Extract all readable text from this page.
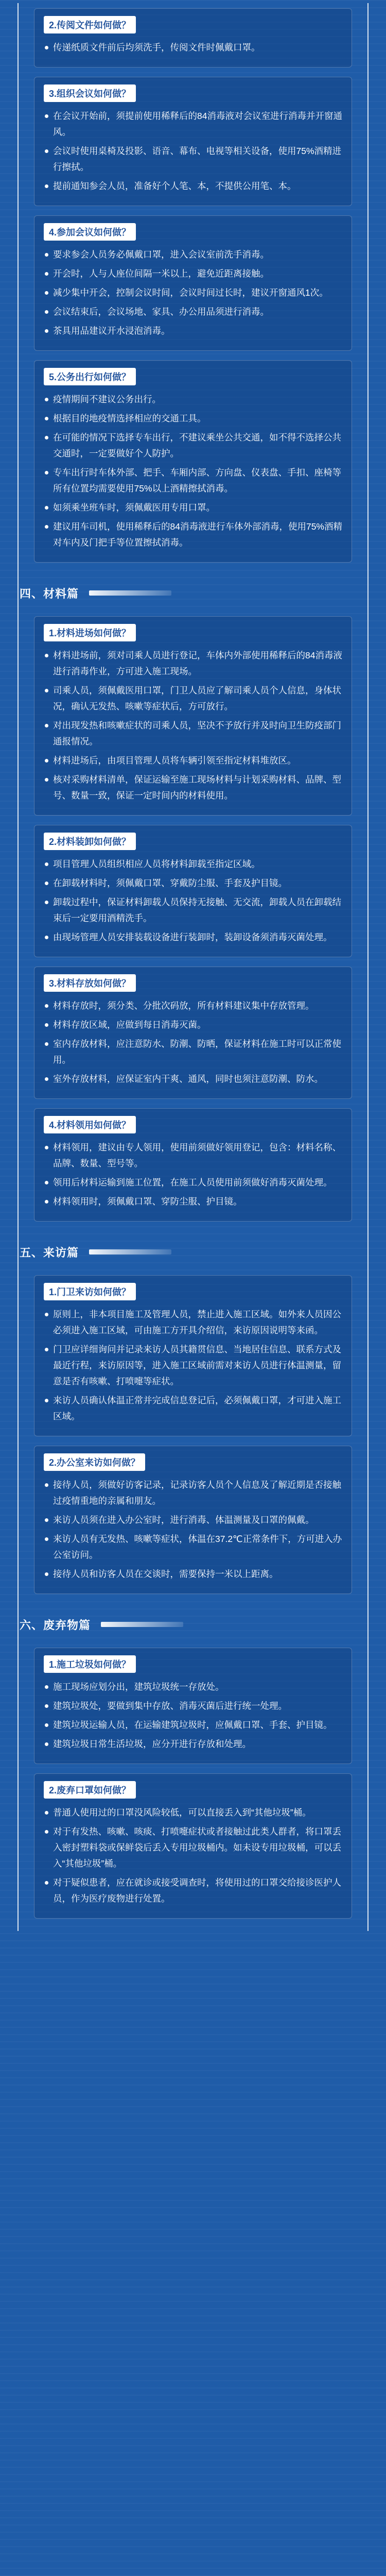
2.传阅文件如何做？
传递纸质文件前后均须洗手，传阅文件时佩戴口罩。
3.组织会议如何做？
在会议开始前，须提前使用稀释后的84消毒液对会议室进行消毒并开窗通风。
会议时使用桌椅及投影、语音、幕布、电视等相关设备，使用75%酒精进行擦拭。
提前通知参会人员，准备好个人笔、本，不提供公用笔、本。
4.参加会议如何做？
要求参会人员务必佩戴口罩，进入会议室前洗手消毒。
开会时，人与人座位间隔一米以上，避免近距离接触。
减少集中开会，控制会议时间，会议时间过长时，建议开窗通风1次。
会议结束后，会议场地、家具、办公用品须进行消毒。
茶具用品建议开水浸泡消毒。
5.公务出行如何做？
疫情期间不建议公务出行。
根据目的地疫情选择相应的交通工具。
在可能的情况下选择专车出行，不建议乘坐公共交通，如不得不选择公共交通时，一定要做好个人防护。
专车出行时车体外部、把手、车厢内部、方向盘、仪表盘、手扣、座椅等所有位置均需要使用75%以上酒精擦拭消毒。
如须乘坐班车时，须佩戴医用专用口罩。
建议用车司机，使用稀释后的84消毒液进行车体外部消毒，使用75%酒精对车内及门把手等位置擦拭消毒。
四、材料篇
1.材料进场如何做？
材料进场前，须对司乘人员进行登记，车体内外部使用稀释后的84消毒液进行消毒作业，方可进入施工现场。
司乘人员，须佩戴医用口罩，门卫人员应了解司乘人员个人信息，身体状况，确认无发热、咳嗽等症状后，方可放行。
对出现发热和咳嗽症状的司乘人员，坚决不予放行并及时向卫生防疫部门通报情况。
材料进场后，由项目管理人员将车辆引领至指定材料堆放区。
核对采购材料清单，保证运输至施工现场材料与计划采购材料、品牌、型号、数量一致，保证一定时间内的材料使用。
2.材料装卸如何做？
项目管理人员组织相应人员将材料卸载至指定区域。
在卸载材料时，须佩戴口罩、穿戴防尘服、手套及护目镜。
卸载过程中，保证材料卸载人员保持无接触、无交流，卸载人员在卸载结束后一定要用酒精洗手。
由现场管理人员安排装载设备进行装卸时，装卸设备须消毒灭菌处理。
3.材料存放如何做？
材料存放时，须分类、分批次码放，所有材料建议集中存放管理。
材料存放区域，应做到每日消毒灭菌。
室内存放材料，应注意防水、防潮、防晒，保证材料在施工时可以正常使用。
室外存放材料，应保证室内干爽、通风，同时也须注意防潮、防水。
4.材料领用如何做？
材料领用，建议由专人领用，使用前须做好领用登记，包含：材料名称、品牌、数量、型号等。
领用后材料运输到施工位置，在施工人员使用前须做好消毒灭菌处理。
材料领用时，须佩戴口罩、穿防尘服、护目镜。
五、来访篇
1.门卫来访如何做？
原则上，非本项目施工及管理人员，禁止进入施工区域。如外来人员因公必须进入施工区域，可由施工方开具介绍信，来访原因说明等来函。
门卫应详细询问并记录来访人员其籍贯信息、当地居住信息、联系方式及最近行程，来访原因等，进入施工区域前需对来访人员进行体温测量，留意是否有咳嗽、打喷嚏等症状。
来访人员确认体温正常并完成信息登记后，必须佩戴口罩，才可进入施工区域。
2.办公室来访如何做？
接待人员，须做好访客记录，记录访客人员个人信息及了解近期是否接触过疫情重地的亲属和朋友。
来访人员须在进入办公室时，进行消毒、体温测量及口罩的佩戴。
来访人员有无发热、咳嗽等症状，体温在37.2℃正常条件下，方可进入办公室访问。
接待人员和访客人员在交谈时，需要保持一米以上距离。
六、废弃物篇
1.施工垃圾如何做？
施工现场应划分出，建筑垃圾统一存放处。
建筑垃圾处，要做到集中存放、消毒灭菌后进行统一处理。
建筑垃圾运输人员，在运输建筑垃圾时，应佩戴口罩、手套、护目镜。
建筑垃圾日常生活垃圾，应分开进行存放和处理。
2.废弃口罩如何做？
普通人使用过的口罩没风险较低，可以直接丢入到“其他垃圾”桶。
对于有发热、咳嗽、咳痰、打喷嚏症状或者接触过此类人群者，将口罩丢入密封塑料袋或保鲜袋后丢入专用垃圾桶内。如未设专用垃圾桶，可以丢入“其他垃圾”桶。
对于疑似患者，应在就诊或接受调查时，将使用过的口罩交给接诊医护人员，作为医疗废物进行处置。
